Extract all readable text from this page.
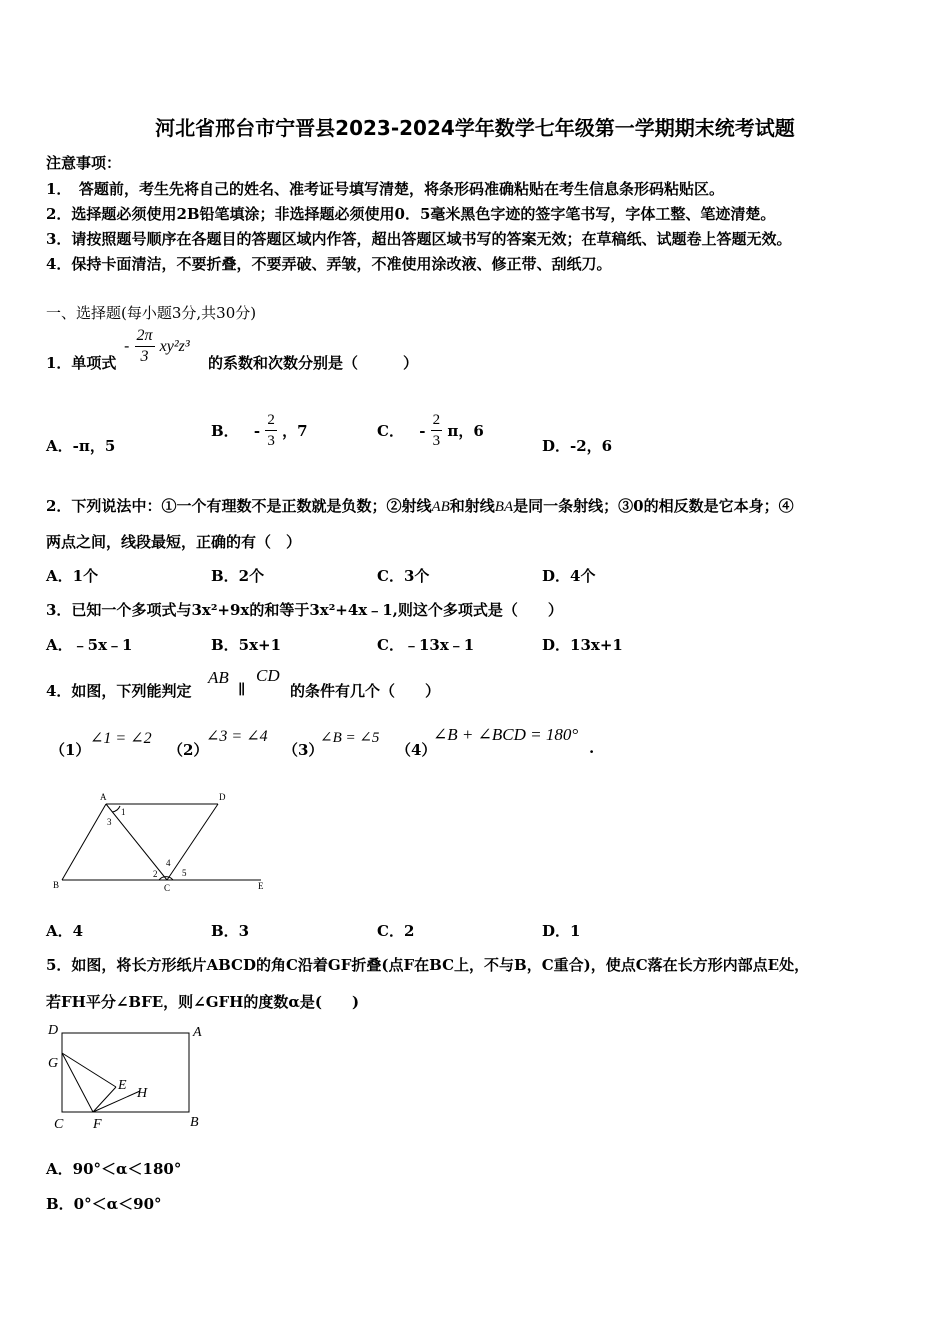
河北省邢台市宁晋县2023-2024学年数学七年级第一学期期末统考试题
注意事项：
1．　答题前，考生先将自己的姓名、准考证号填写清楚，将条形码准确粘贴在考生信息条形码粘贴区。
2．选择题必须使用2B铅笔填涂；非选择题必须使用0．5毫米黑色字迹的签字笔书写，字体工整、笔迹清楚。
3．请按照题号顺序在各题目的答题区域内作答，超出答题区域书写的答案无效；在草稿纸、试题卷上答题无效。
4．保持卡面清洁，不要折叠，不要弄破、弄皱，不准使用涂改液、修正带、刮纸刀。
一、选择题(每小题3分,共30分)
1．单项式
- $\frac{2\pi}{3} xy^2z^3$
的系数和次数分别是（　　　）
A．-π，5
B． - $\frac{2}{3}$ ，7	C． - $\frac{2}{3}$ π，6
D．-2，6
2．下列说法中：①一个有理数不是正数就是负数；②射线AB和射线BA是同一条射线；③0的相反数是它本身；④
两点之间，线段最短，正确的有（　）
A．1个	B．2个	C．3个	D．4个
3．已知一个多项式与3x²+9x的和等于3x²+4x﹣1,则这个多项式是（　　）
A．﹣5x﹣1	B．5x+1	C．﹣13x﹣1	D．13x+1
4．如图，下列能判定
AB
∥
CD
的条件有几个（　　）
（1）
∠1 = ∠2
（2）
∠3 = ∠4
（3）
∠B = ∠5
（4）
∠B + ∠BCD = 180°
.
A	D
B	C	E
1
3
2
4
5
A．4	B．3	C．2	D．1
5．如图，将长方形纸片ABCD的角C沿着GF折叠(点F在BC上，不与B，C重合)，使点C落在长方形内部点E处，
若FH平分∠BFE，则∠GFH的度数α是(　　)
D	A
G
E
H
C F	B
A．90°＜α＜180°
B．0°＜α＜90°
